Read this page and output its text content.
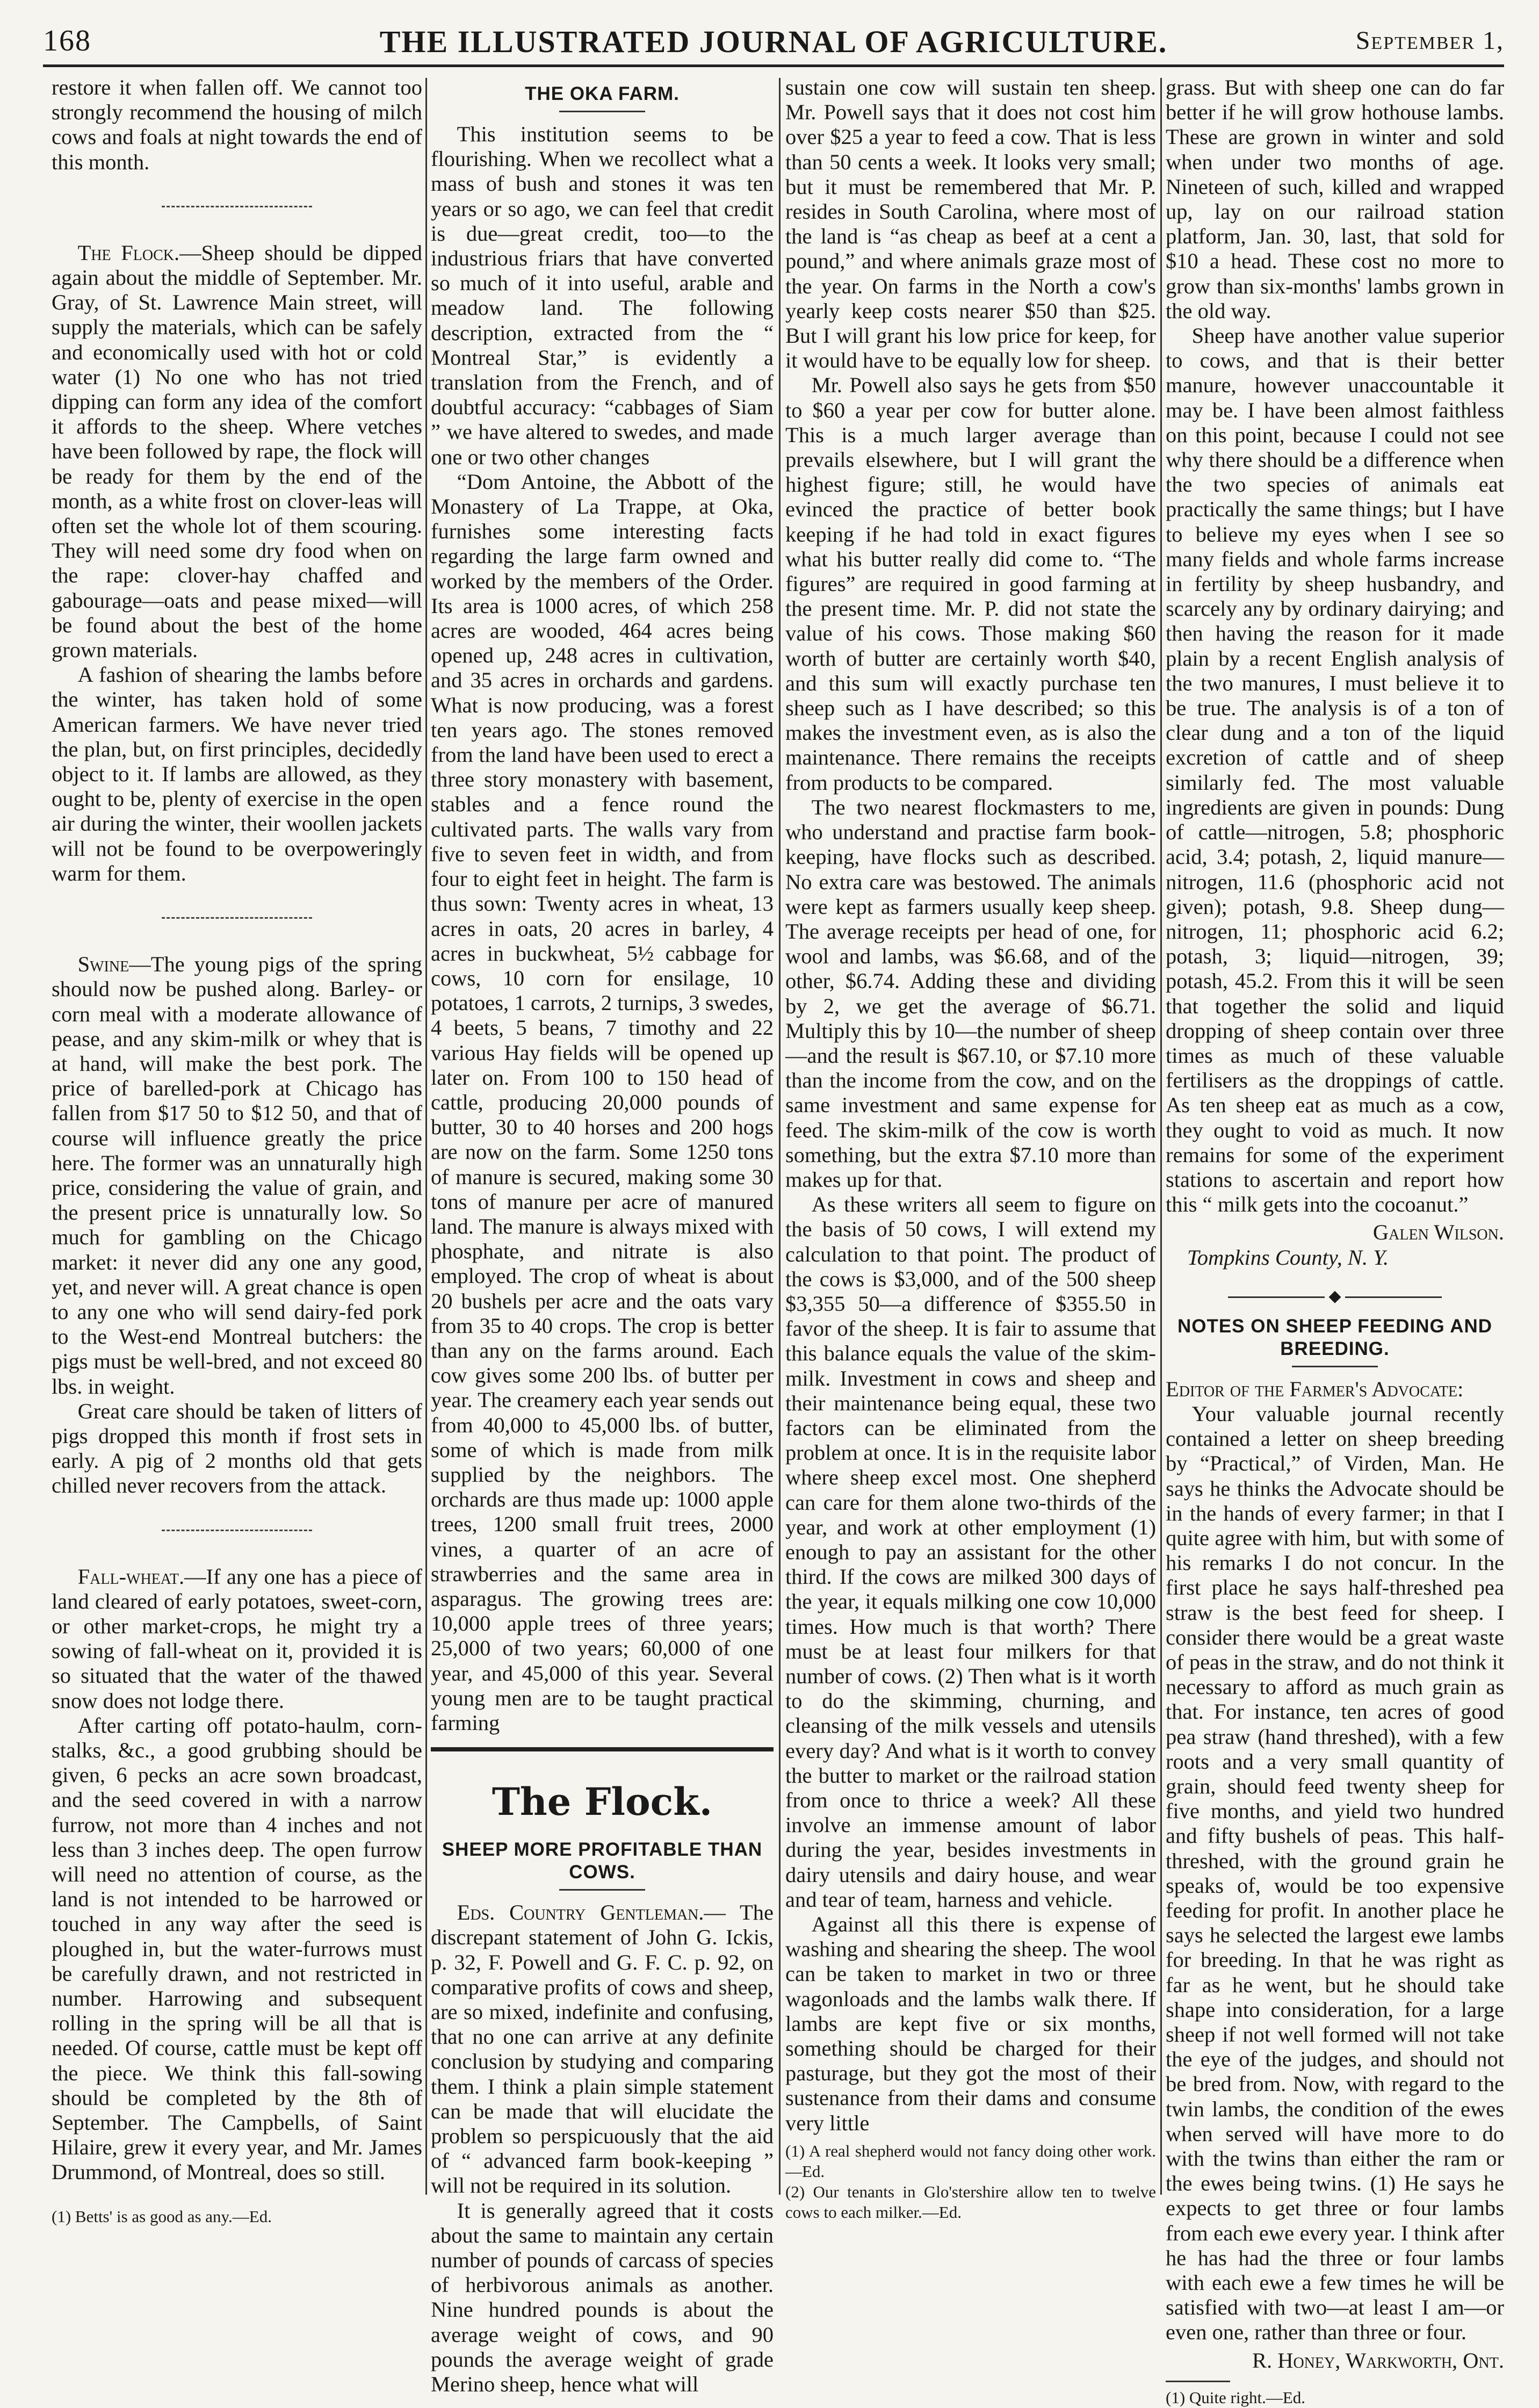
168	THE ILLUSTRATED JOURNAL OF AGRICULTURE.	September 1,

restore it when fallen off. We cannot too strongly recommend the housing of milch cows and foals at night towards the end of this month.

The Flock.—Sheep should be dipped again about the middle of September. Mr. Gray, of St. Lawrence Main street, will supply the materials, which can be safely and economically used with hot or cold water (1) No one who has not tried dipping can form any idea of the comfort it affords to the sheep. Where vetches have been followed by rape, the flock will be ready for them by the end of the month, as a white frost on clover-leas will often set the whole lot of them scouring. They will need some dry food when on the rape: clover-hay chaffed and gabourage—oats and pease mixed—will be found about the best of the home grown materials.

A fashion of shearing the lambs before the winter, has taken hold of some American farmers. We have never tried the plan, but, on first principles, decidedly object to it. If lambs are allowed, as they ought to be, plenty of exercise in the open air during the winter, their woollen jackets will not be found to be overpoweringly warm for them.

Swine—The young pigs of the spring should now be pushed along. Barley- or corn meal with a moderate allowance of pease, and any skim-milk or whey that is at hand, will make the best pork. The price of barelled-pork at Chicago has fallen from $17 50 to $12 50, and that of course will influence greatly the price here. The former was an unnaturally high price, considering the value of grain, and the present price is unnaturally low. So much for gambling on the Chicago market: it never did any one any good, yet, and never will. A great chance is open to any one who will send dairy-fed pork to the West-end Montreal butchers: the pigs must be well-bred, and not exceed 80 lbs. in weight.

Great care should be taken of litters of pigs dropped this month if frost sets in early. A pig of 2 months old that gets chilled never recovers from the attack.

Fall-wheat.—If any one has a piece of land cleared of early potatoes, sweet-corn, or other market-crops, he might try a sowing of fall-wheat on it, provided it is so situated that the water of the thawed snow does not lodge there.

After carting off potato-haulm, corn-stalks, &c., a good grubbing should be given, 6 pecks an acre sown broadcast, and the seed covered in with a narrow furrow, not more than 4 inches and not less than 3 inches deep. The open furrow will need no attention of course, as the land is not intended to be harrowed or touched in any way after the seed is ploughed in, but the water-furrows must be carefully drawn, and not restricted in number. Harrowing and subsequent rolling in the spring will be all that is needed. Of course, cattle must be kept off the piece. We think this fall-sowing should be completed by the 8th of September. The Campbells, of Saint Hilaire, grew it every year, and Mr. James Drummond, of Montreal, does so still.

(1) Betts' is as good as any.—Ed.
THE OKA FARM.

This institution seems to be flourishing. When we recollect what a mass of bush and stones it was ten years or so ago, we can feel that credit is due—great credit, too—to the industrious friars that have converted so much of it into useful, arable and meadow land. The following description, extracted from the “ Montreal Star,” is evidently a translation from the French, and of doubtful accuracy: “cabbages of Siam ” we have altered to swedes, and made one or two other changes

“Dom Antoine, the Abbott of the Monastery of La Trappe, at Oka, furnishes some interesting facts regarding the large farm owned and worked by the members of the Order. Its area is 1000 acres, of which 258 acres are wooded, 464 acres being opened up, 248 acres in cultivation, and 35 acres in orchards and gardens. What is now producing, was a forest ten years ago. The stones removed from the land have been used to erect a three story monastery with basement, stables and a fence round the cultivated parts. The walls vary from five to seven feet in width, and from four to eight feet in height. The farm is thus sown: Twenty acres in wheat, 13 acres in oats, 20 acres in barley, 4 acres in buckwheat, 5½ cabbage for cows, 10 corn for ensilage, 10 potatoes, 1 carrots, 2 turnips, 3 swedes, 4 beets, 5 beans, 7 timothy and 22 various Hay fields will be opened up later on. From 100 to 150 head of cattle, producing 20,000 pounds of butter, 30 to 40 horses and 200 hogs are now on the farm. Some 1250 tons of manure is secured, making some 30 tons of manure per acre of manured land. The manure is always mixed with phosphate, and nitrate is also employed. The crop of wheat is about 20 bushels per acre and the oats vary from 35 to 40 crops. The crop is better than any on the farms around. Each cow gives some 200 lbs. of butter per year. The creamery each year sends out from 40,000 to 45,000 lbs. of butter, some of which is made from milk supplied by the neighbors. The orchards are thus made up: 1000 apple trees, 1200 small fruit trees, 2000 vines, a quarter of an acre of strawberries and the same area in asparagus. The growing trees are: 10,000 apple trees of three years; 25,000 of two years; 60,000 of one year, and 45,000 of this year. Several young men are to be taught practical farming

The Flock.
SHEEP MORE PROFITABLE THAN COWS.

Eds. Country Gentleman.— The discrepant statement of John G. Ickis, p. 32, F. Powell and G. F. C. p. 92, on comparative profits of cows and sheep, are so mixed, indefinite and confusing, that no one can arrive at any definite conclusion by studying and comparing them. I think a plain simple statement can be made that will elucidate the problem so perspicuously that the aid of “ advanced farm book-keeping ” will not be required in its solution.

It is generally agreed that it costs about the same to maintain any certain number of pounds of carcass of species of herbivorous animals as another. Nine hundred pounds is about the average weight of cows, and 90 pounds the average weight of grade Merino sheep, hence what will

sustain one cow will sustain ten sheep. Mr. Powell says that it does not cost him over $25 a year to feed a cow. That is less than 50 cents a week. It looks very small; but it must be remembered that Mr. P. resides in South Carolina, where most of the land is “as cheap as beef at a cent a pound,” and where animals graze most of the year. On farms in the North a cow's yearly keep costs nearer $50 than $25. But I will grant his low price for keep, for it would have to be equally low for sheep.

Mr. Powell also says he gets from $50 to $60 a year per cow for butter alone. This is a much larger average than prevails elsewhere, but I will grant the highest figure; still, he would have evinced the practice of better book keeping if he had told in exact figures what his butter really did come to. “The figures” are required in good farming at the present time. Mr. P. did not state the value of his cows. Those making $60 worth of butter are certainly worth $40, and this sum will exactly purchase ten sheep such as I have described; so this makes the investment even, as is also the maintenance. There remains the receipts from products to be compared.

The two nearest flockmasters to me, who understand and practise farm book-keeping, have flocks such as described. No extra care was bestowed. The animals were kept as farmers usually keep sheep. The average receipts per head of one, for wool and lambs, was $6.68, and of the other, $6.74. Adding these and dividing by 2, we get the average of $6.71. Multiply this by 10—the number of sheep—and the result is $67.10, or $7.10 more than the income from the cow, and on the same investment and same expense for feed. The skim-milk of the cow is worth something, but the extra $7.10 more than makes up for that.

As these writers all seem to figure on the basis of 50 cows, I will extend my calculation to that point. The product of the cows is $3,000, and of the 500 sheep $3,355 50—a difference of $355.50 in favor of the sheep. It is fair to assume that this balance equals the value of the skim-milk. Investment in cows and sheep and their maintenance being equal, these two factors can be eliminated from the problem at once. It is in the requisite labor where sheep excel most. One shepherd can care for them alone two-thirds of the year, and work at other employment (1) enough to pay an assistant for the other third. If the cows are milked 300 days of the year, it equals milking one cow 10,000 times. How much is that worth? There must be at least four milkers for that number of cows. (2) Then what is it worth to do the skimming, churning, and cleansing of the milk vessels and utensils every day? And what is it worth to convey the butter to market or the railroad station from once to thrice a week? All these involve an immense amount of labor during the year, besides investments in dairy utensils and dairy house, and wear and tear of team, harness and vehicle.

Against all this there is expense of washing and shearing the sheep. The wool can be taken to market in two or three wagonloads and the lambs walk there. If lambs are kept five or six months, something should be charged for their pasturage, but they got the most of their sustenance from their dams and consume very little

(1) A real shepherd would not fancy doing other work.—Ed.
(2) Our tenants in Glo'stershire allow ten to twelve cows to each milker.—Ed.

grass. But with sheep one can do far better if he will grow hothouse lambs. These are grown in winter and sold when under two months of age. Nineteen of such, killed and wrapped up, lay on our railroad station platform, Jan. 30, last, that sold for $10 a head. These cost no more to grow than six-months' lambs grown in the old way.

Sheep have another value superior to cows, and that is their better manure, however unaccountable it may be. I have been almost faithless on this point, because I could not see why there should be a difference when the two species of animals eat practically the same things; but I have to believe my eyes when I see so many fields and whole farms increase in fertility by sheep husbandry, and scarcely any by ordinary dairying; and then having the reason for it made plain by a recent English analysis of the two manures, I must believe it to be true. The analysis is of a ton of clear dung and a ton of the liquid excretion of cattle and of sheep similarly fed. The most valuable ingredients are given in pounds: Dung of cattle—nitrogen, 5.8; phosphoric acid, 3.4; potash, 2, liquid manure—nitrogen, 11.6 (phosphoric acid not given); potash, 9.8. Sheep dung—nitrogen, 11; phosphoric acid 6.2; potash, 3; liquid—nitrogen, 39; potash, 45.2. From this it will be seen that together the solid and liquid dropping of sheep contain over three times as much of these valuable fertilisers as the droppings of cattle. As ten sheep eat as much as a cow, they ought to void as much. It now remains for some of the experiment stations to ascertain and report how this “ milk gets into the cocoanut.”

Galen Wilson.
Tompkins County, N. Y.
◆
NOTES ON SHEEP FEEDING AND BREEDING.

Editor of the Farmer's Advocate:

Your valuable journal recently contained a letter on sheep breeding by “Practical,” of Virden, Man. He says he thinks the Advocate should be in the hands of every farmer; in that I quite agree with him, but with some of his remarks I do not concur. In the first place he says half-threshed pea straw is the best feed for sheep. I consider there would be a great waste of peas in the straw, and do not think it necessary to afford as much grain as that. For instance, ten acres of good pea straw (hand threshed), with a few roots and a very small quantity of grain, should feed twenty sheep for five months, and yield two hundred and fifty bushels of peas. This half-threshed, with the ground grain he speaks of, would be too expensive feeding for profit. In another place he says he selected the largest ewe lambs for breeding. In that he was right as far as he went, but he should take shape into consideration, for a large sheep if not well formed will not take the eye of the judges, and should not be bred from. Now, with regard to the twin lambs, the condition of the ewes when served will have more to do with the twins than either the ram or the ewes being twins. (1) He says he expects to get three or four lambs from each ewe every year. I think after he has had the three or four lambs with each ewe a few times he will be satisfied with two—at least I am—or even one, rather than three or four.

R. Honey, Warkworth, Ont.
(1) Quite right.—Ed.
